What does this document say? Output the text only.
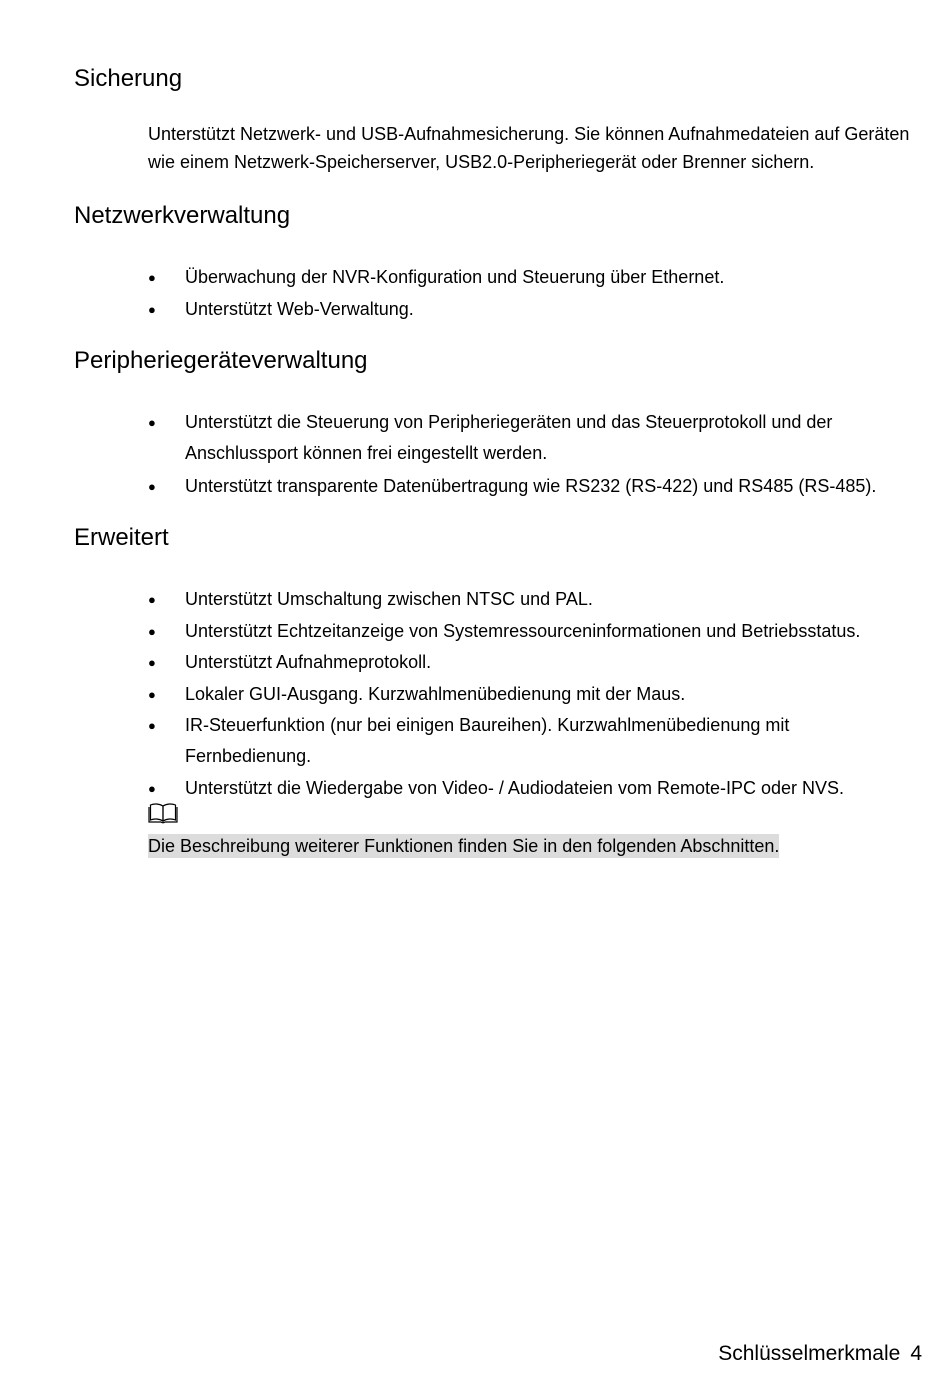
Sicherung

Unterstützt Netzwerk- und USB-Aufnahmesicherung. Sie können Aufnahmedateien auf Geräten wie einem Netzwerk-Speicherserver, USB2.0-Peripheriegerät oder Brenner sichern.

Netzwerkverwaltung
● Überwachung der NVR-Konfiguration und Steuerung über Ethernet.
● Unterstützt Web-Verwaltung.
Peripheriegeräteverwaltung
● Unterstützt die Steuerung von Peripheriegeräten und das Steuerprotokoll und der Anschlussport können frei eingestellt werden.
● Unterstützt transparente Datenübertragung wie RS232 (RS-422) und RS485 (RS-485).
Erweitert
● Unterstützt Umschaltung zwischen NTSC und PAL.
● Unterstützt Echtzeitanzeige von Systemressourceninformationen und Betriebsstatus.
● Unterstützt Aufnahmeprotokoll.
● Lokaler GUI-Ausgang. Kurzwahlmenübedienung mit der Maus.
● IR-Steuerfunktion (nur bei einigen Baureihen). Kurzwahlmenübedienung mit Fernbedienung.
● Unterstützt die Wiedergabe von Video- / Audiodateien vom Remote-IPC oder NVS.
Die Beschreibung weiterer Funktionen finden Sie in den folgenden Abschnitten.
Schlüsselmerkmale 4
